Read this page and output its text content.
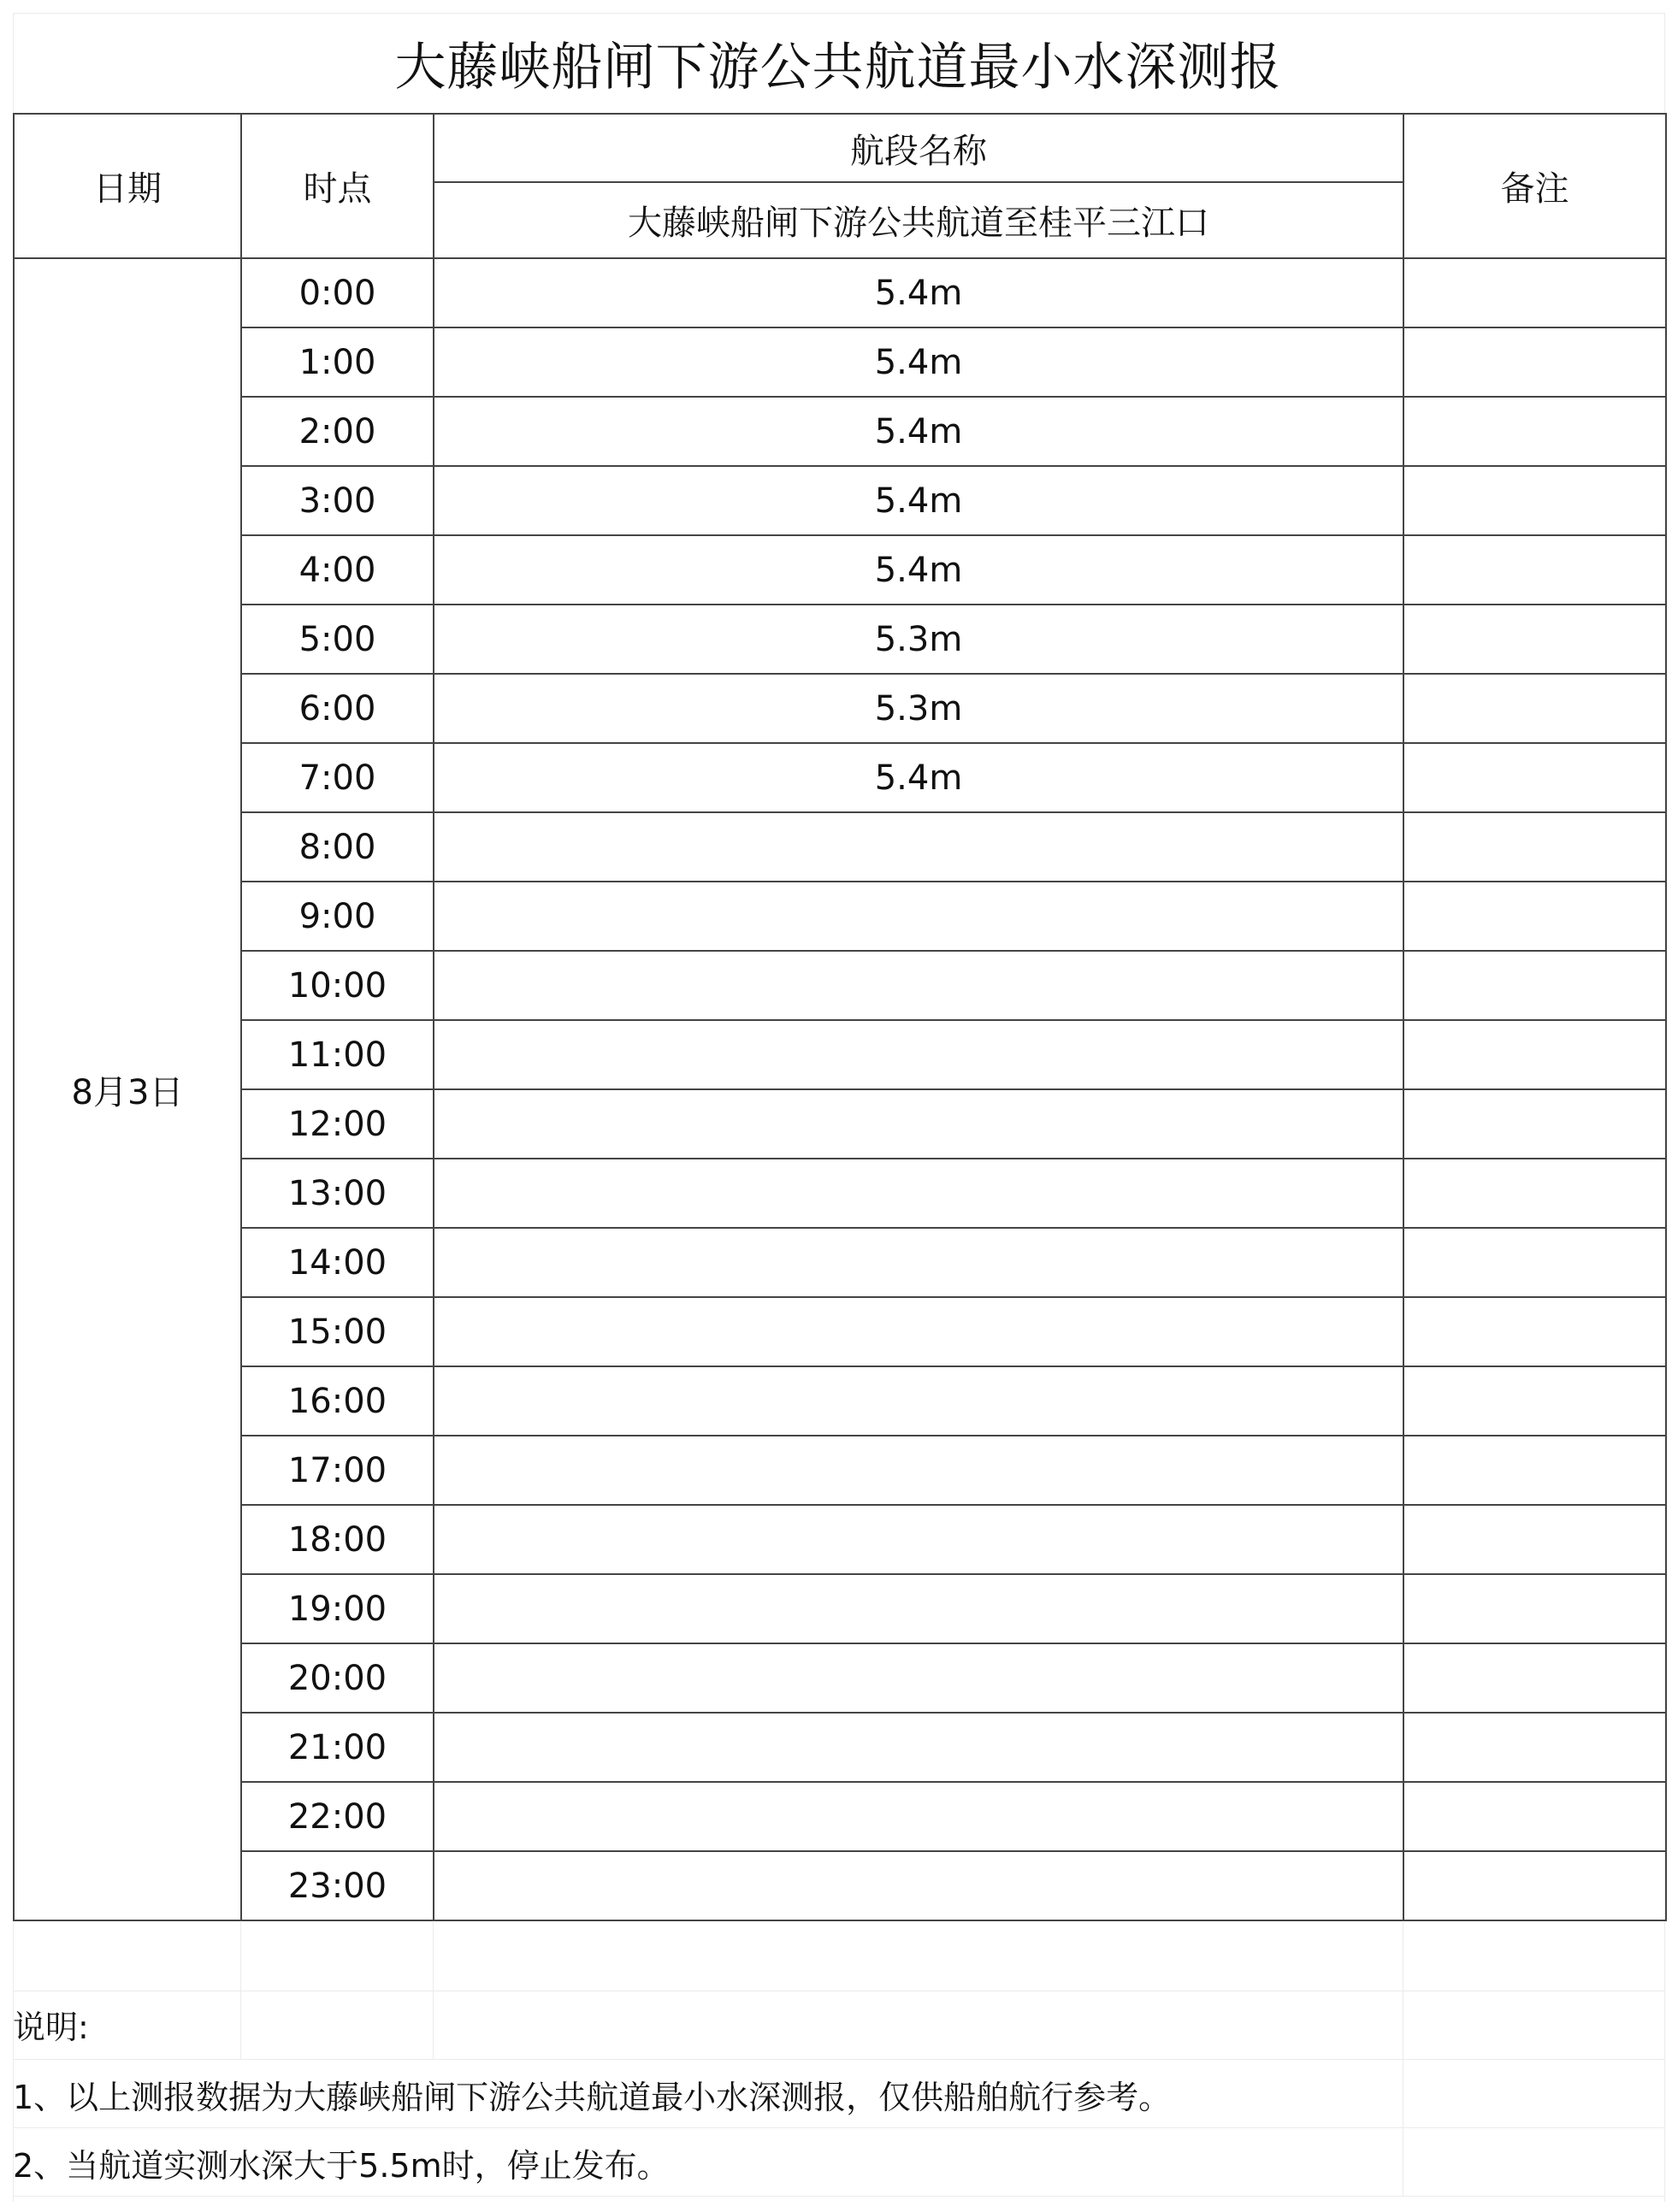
大藤峡船闸下游公共航道最小水深测报
日期	时点	航段名称	备注
		大藤峡船闸下游公共航道至桂平三江口	
8月3日	0:00	5.4m	
	1:00	5.4m	
	2:00	5.4m	
	3:00	5.4m	
	4:00	5.4m	
	5:00	5.3m	
	6:00	5.3m	
	7:00	5.4m	
	8:00		
	9:00		
	10:00		
	11:00		
	12:00		
	13:00		
	14:00		
	15:00		
	16:00		
	17:00		
	18:00		
	19:00		
	20:00		
	21:00		
	22:00		
	23:00		
说明:
1、以上测报数据为大藤峡船闸下游公共航道最小水深测报，仅供船舶航行参考。
2、当航道实测水深大于5.5m时，停止发布。
